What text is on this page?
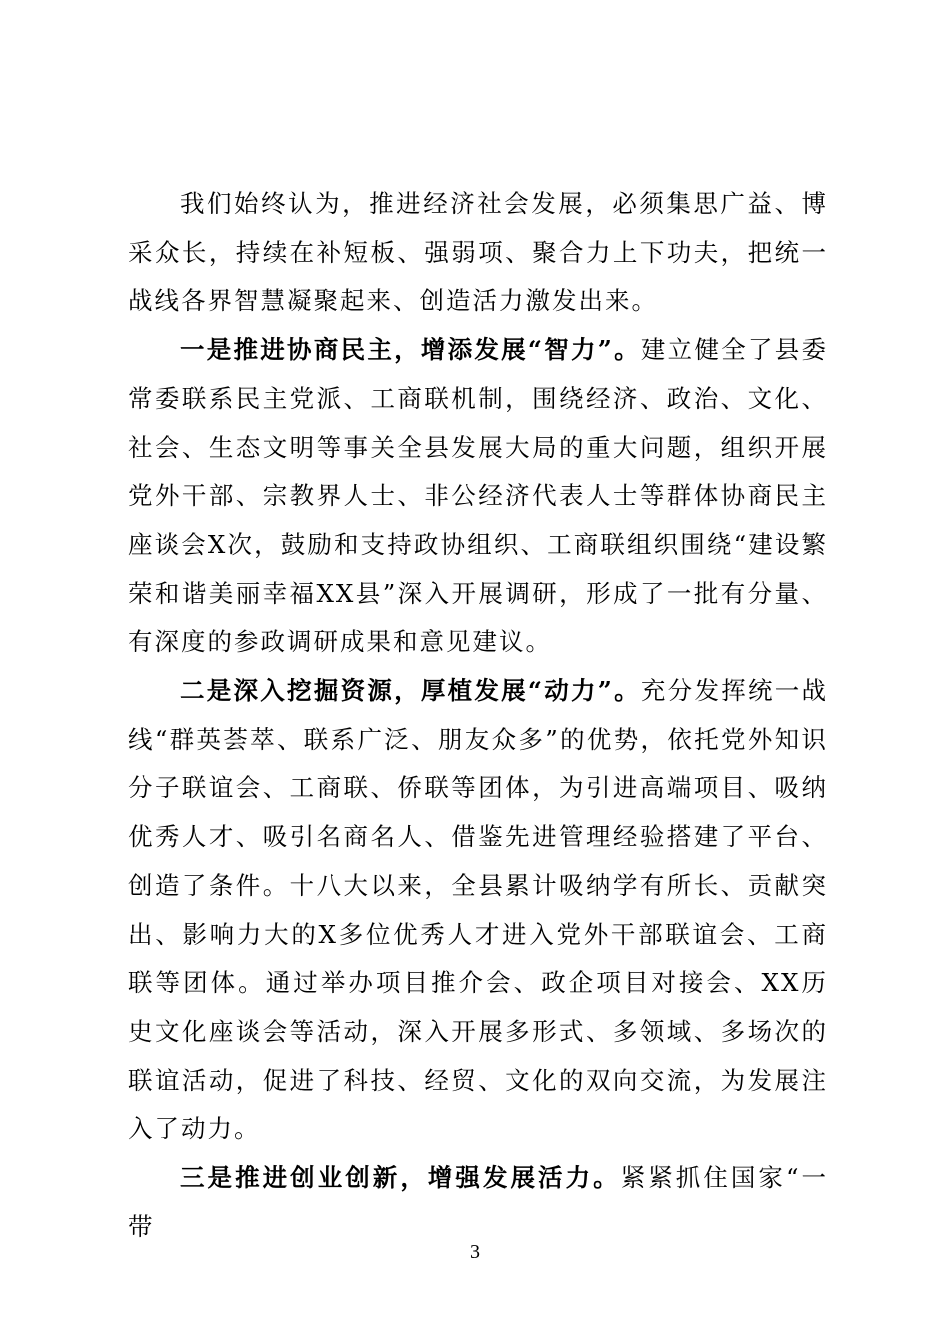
我们始终认为，推进经济社会发展，必须集思广益、博采众长，持续在补短板、强弱项、聚合力上下功夫，把统一战线各界智慧凝聚起来、创造活力激发出来。

一是推进协商民主，增添发展“智力”。建立健全了县委常委联系民主党派、工商联机制，围绕经济、政治、文化、社会、生态文明等事关全县发展大局的重大问题，组织开展党外干部、宗教界人士、非公经济代表人士等群体协商民主座谈会X次，鼓励和支持政协组织、工商联组织围绕“建设繁荣和谐美丽幸福XX县”深入开展调研，形成了一批有分量、有深度的参政调研成果和意见建议。

二是深入挖掘资源，厚植发展“动力”。充分发挥统一战线“群英荟萃、联系广泛、朋友众多”的优势，依托党外知识分子联谊会、工商联、侨联等团体，为引进高端项目、吸纳优秀人才、吸引名商名人、借鉴先进管理经验搭建了平台、创造了条件。十八大以来，全县累计吸纳学有所长、贡献突出、影响力大的X多位优秀人才进入党外干部联谊会、工商联等团体。通过举办项目推介会、政企项目对接会、XX历史文化座谈会等活动，深入开展多形式、多领域、多场次的联谊活动，促进了科技、经贸、文化的双向交流，为发展注入了动力。

三是推进创业创新，增强发展活力。紧紧抓住国家“一带

3
